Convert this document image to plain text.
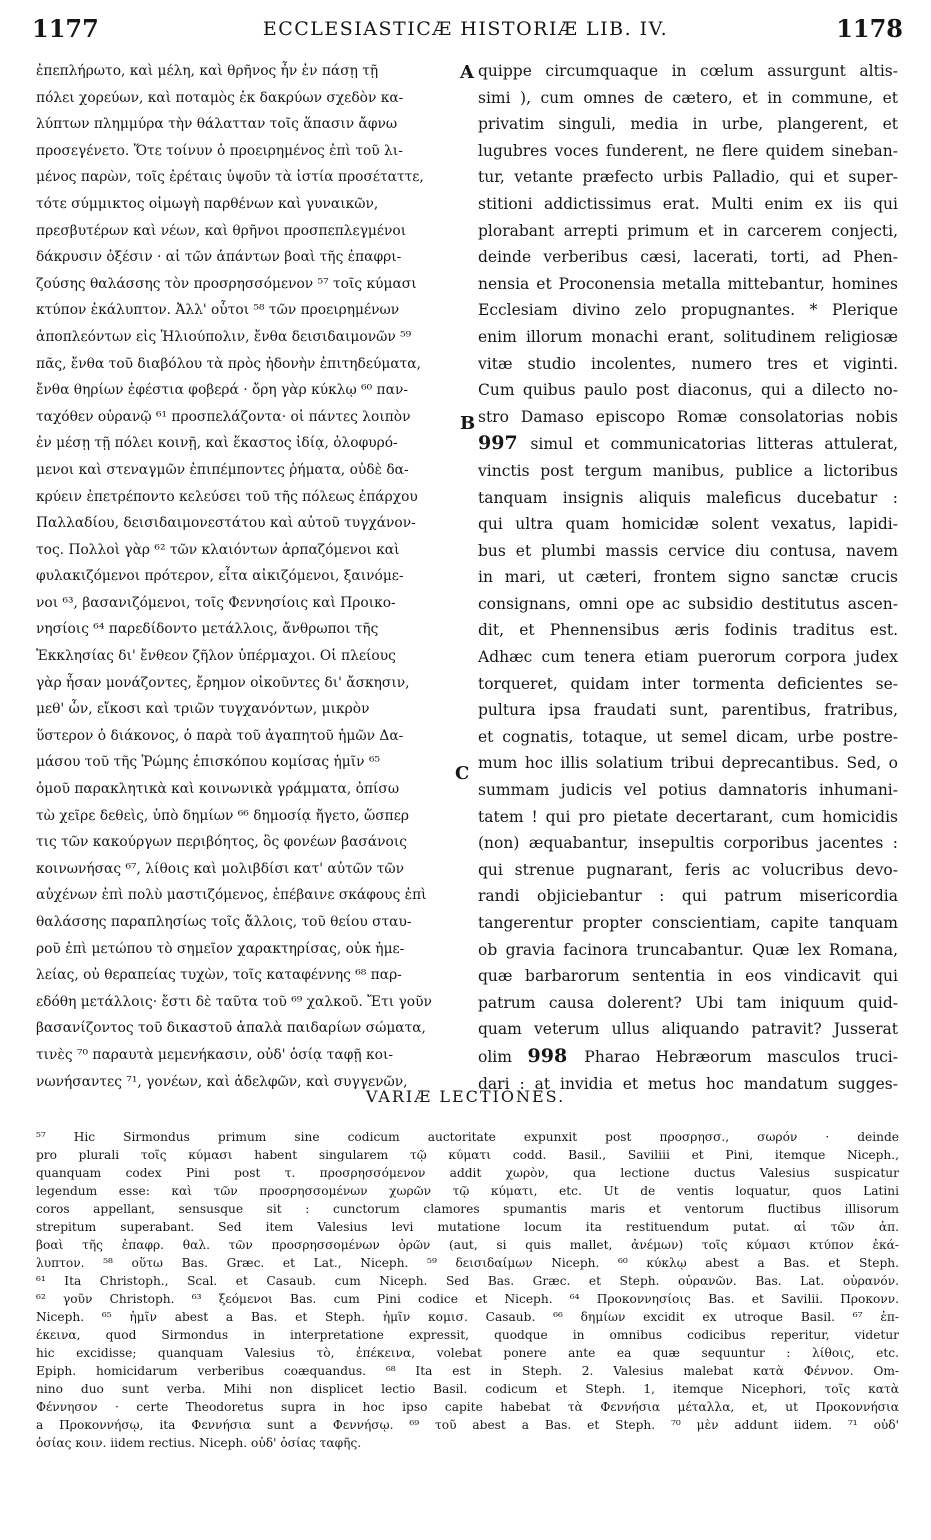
1177	ECCLESIASTICÆ HISTORIÆ LIB. IV.	1178
ἐπεπλήρωτο, καὶ μέλη, καὶ θρῆνος ἦν ἐν πάσῃ τῇ
πόλει χορεύων, καὶ ποταμὸς ἐκ δακρύων σχεδὸν κα-
λύπτων πλημμύρα τὴν θάλατταν τοῖς ἅπασιν ἄφνω
προσεγένετο. Ὅτε τοίνυν ὁ προειρημένος ἐπὶ τοῦ λι-
μένος παρὼν, τοῖς ἐρέταις ὑψοῦν τὰ ἱστία προσέταττε,
τότε σύμμικτος οἰμωγὴ παρθένων καὶ γυναικῶν,
πρεσβυτέρων καὶ νέων, καὶ θρῆνοι προσπεπλεγμένοι
δάκρυσιν ὀξέσιν · αἱ τῶν ἁπάντων βοαὶ τῆς ἐπαφρι-
ζούσης θαλάσσης τὸν προσρησσόμενον ⁵⁷ τοῖς κύμασι
κτύπον ἐκάλυπτον. Ἀλλ' οὗτοι ⁵⁸ τῶν προειρημένων
ἀποπλεόντων εἰς Ἡλιούπολιν, ἔνθα δεισιδαιμονῶν ⁵⁹
πᾶς, ἔνθα τοῦ διαβόλου τὰ πρὸς ἡδονὴν ἐπιτηδεύματα,
ἔνθα θηρίων ἐφέστια φοβερά · ὄρη γὰρ κύκλῳ ⁶⁰ παν-
ταχόθεν οὐρανῷ ⁶¹ προσπελάζοντα· οἱ πάντες λοιπὸν
ἐν μέσῃ τῇ πόλει κοινῇ, καὶ ἕκαστος ἰδίᾳ, ὀλοφυρό-
μενοι καὶ στεναγμῶν ἐπιπέμποντες ῥήματα, οὐδὲ δα-
κρύειν ἐπετρέποντο κελεύσει τοῦ τῆς πόλεως ἐπάρχου
Παλλαδίου, δεισιδαιμονεστάτου καὶ αὐτοῦ τυγχάνον-
τος. Πολλοὶ γὰρ ⁶² τῶν κλαιόντων ἁρπαζόμενοι καὶ
φυλακιζόμενοι πρότερον, εἶτα αἰκιζόμενοι, ξαινόμε-
νοι ⁶³, βασανιζόμενοι, τοῖς Φεννησίοις καὶ Προικο-
νησίοις ⁶⁴ παρεδίδοντο μετάλλοις, ἄνθρωποι τῆς
Ἐκκλησίας δι' ἔνθεον ζῆλον ὑπέρμαχοι. Οἱ πλείους
γὰρ ἦσαν μονάζοντες, ἔρημον οἰκοῦντες δι' ἄσκησιν,
μεθ' ὧν, εἴκοσι καὶ τριῶν τυγχανόντων, μικρὸν
ὕστερον ὁ διάκονος, ὁ παρὰ τοῦ ἀγαπητοῦ ἡμῶν Δα-
μάσου τοῦ τῆς Ῥώμης ἐπισκόπου κομίσας ἡμῖν ⁶⁵
ὁμοῦ παρακλητικὰ καὶ κοινωνικὰ γράμματα, ὀπίσω
τὼ χεῖρε δεθεὶς, ὑπὸ δημίων ⁶⁶ δημοσίᾳ ἤγετο, ὥσπερ
τις τῶν κακούργων περιβόητος, ὃς φονέων βασάνοις
κοινωνήσας ⁶⁷, λίθοις καὶ μολιβδίσι κατ' αὐτῶν τῶν
αὐχένων ἐπὶ πολὺ μαστιζόμενος, ἐπέβαινε σκάφους ἐπὶ
θαλάσσης παραπλησίως τοῖς ἄλλοις, τοῦ θείου σταυ-
ροῦ ἐπὶ μετώπου τὸ σημεῖον χαρακτηρίσας, οὐκ ἠμε-
λείας, οὐ θεραπείας τυχὼν, τοῖς καταφέννης ⁶⁸ παρ-
εδόθη μετάλλοις· ἔστι δὲ ταῦτα τοῦ ⁶⁹ χαλκοῦ. Ἔτι γοῦν
βασανίζοντος τοῦ δικαστοῦ ἁπαλὰ παιδαρίων σώματα,
τινὲς ⁷⁰ παραυτὰ μεμενήκασιν, οὐδ' ὁσίᾳ ταφῇ κοι-
νωνήσαντες ⁷¹, γονέων, καὶ ἀδελφῶν, καὶ συγγενῶν,
quippe circumquaque in cœlum assurgunt altis-
simi ), cum omnes de cætero, et in commune, et
privatim singuli, media in urbe, plangerent, et
lugubres voces funderent, ne flere quidem sineban-
tur, vetante præfecto urbis Palladio, qui et super-
stitioni addictissimus erat. Multi enim ex iis qui
plorabant arrepti primum et in carcerem conjecti,
deinde verberibus cæsi, lacerati, torti, ad Phen-
nensia et Proconensia metalla mittebantur, homines
Ecclesiam divino zelo propugnantes. * Plerique
enim illorum monachi erant, solitudinem religiosæ
vitæ studio incolentes, numero tres et viginti.
Cum quibus paulo post diaconus, qui a dilecto no-
stro Damaso episcopo Romæ consolatorias nobis
997 simul et communicatorias litteras attulerat,
vinctis post tergum manibus, publice a lictoribus
tanquam insignis aliquis maleficus ducebatur :
qui ultra quam homicidæ solent vexatus, lapidi-
bus et plumbi massis cervice diu contusa, navem
in mari, ut cæteri, frontem signo sanctæ crucis
consignans, omni ope ac subsidio destitutus ascen-
dit, et Phennensibus æris fodinis traditus est.
Adhæc cum tenera etiam puerorum corpora judex
torqueret, quidam inter tormenta deficientes se-
pultura ipsa fraudati sunt, parentibus, fratribus,
et cognatis, totaque, ut semel dicam, urbe postre-
mum hoc illis solatium tribui deprecantibus. Sed, o
summam judicis vel potius damnatoris inhumani-
tatem ! qui pro pietate decertarant, cum homicidis
(non) æquabantur, insepultis corporibus jacentes :
qui strenue pugnarant, feris ac volucribus devo-
randi objiciebantur : qui patrum misericordia
tangerentur propter conscientiam, capite tanquam
ob gravia facinora truncabantur. Quæ lex Romana,
quæ barbarorum sententia in eos vindicavit qui
patrum causa dolerent? Ubi tam iniquum quid-
quam veterum ullus aliquando patravit? Jusserat
olim 998 Pharao Hebræorum masculos truci-
dari : at invidia et metus hoc mandatum sugges-
A
B
C
VARIÆ LECTIONES.
⁵⁷ Hic Sirmondus primum sine codicum auctoritate expunxit post προσρησσ., σωρόν · deinde
pro plurali τοῖς κύμασι habent singularem τῷ κύματι codd. Basil., Saviliii et Pini, itemque Niceph.,
quanquam codex Pini post τ. προσρησσόμενον addit χωρὸν, qua lectione ductus Valesius suspicatur
legendum esse: καὶ τῶν προσρησσομένων χωρῶν τῷ κύματι, etc. Ut de ventis loquatur, quos Latini
coros appellant, sensusque sit : cunctorum clamores spumantis maris et ventorum fluctibus illisorum
strepitum superabant. Sed item Valesius levi mutatione locum ita restituendum putat. αἱ τῶν ἀπ.
βοαὶ τῆς ἐπαφρ. θαλ. τῶν προσρησσομένων ὀρῶν (aut, si quis mallet, ἀνέμων) τοῖς κύμασι κτύπον ἐκά-
λυπτον. ⁵⁸ οὕτω Bas. Græc. et Lat., Niceph. ⁵⁹ δεισιδαίμων Niceph. ⁶⁰ κύκλῳ abest a Bas. et Steph.
⁶¹ Ita Christoph., Scal. et Casaub. cum Niceph. Sed Bas. Græc. et Steph. οὐρανῶν. Bas. Lat. οὐρανόν.
⁶² γοῦν Christoph. ⁶³ ξεόμενοι Bas. cum Pini codice et Niceph. ⁶⁴ Προκοννησίοις Bas. et Savilii. Προκονν.
Niceph. ⁶⁵ ἡμῖν abest a Bas. et Steph. ἡμῖν κομισ. Casaub. ⁶⁶ δημίων excidit ex utroque Basil. ⁶⁷ ἐπ-
έκεινα, quod Sirmondus in interpretatione expressit, quodque in omnibus codicibus reperitur, videtur
hic excidisse; quanquam Valesius τὸ, ἐπέκεινα, volebat ponere ante ea quæ sequuntur : λίθοις, etc.
Epiph. homicidarum verberibus coæquandus. ⁶⁸ Ita est in Steph. 2. Valesius malebat κατὰ Φέννον. Om-
nino duo sunt verba. Mihi non displicet lectio Basil. codicum et Steph. 1, itemque Nicephori, τοῖς κατὰ
Φέννησον · certe Theodoretus supra in hoc ipso capite habebat τὰ Φεννήσια μέταλλα, et, ut Προκοννήσια
a Προκοννήσῳ, ita Φεννήσια sunt a Φεννήσῳ. ⁶⁹ τοῦ abest a Bas. et Steph. ⁷⁰ μὲν addunt iidem. ⁷¹ οὐδ'
ὁσίας κοιν. iidem rectius. Niceph. οὐδ' ὁσίας ταφῆς.
